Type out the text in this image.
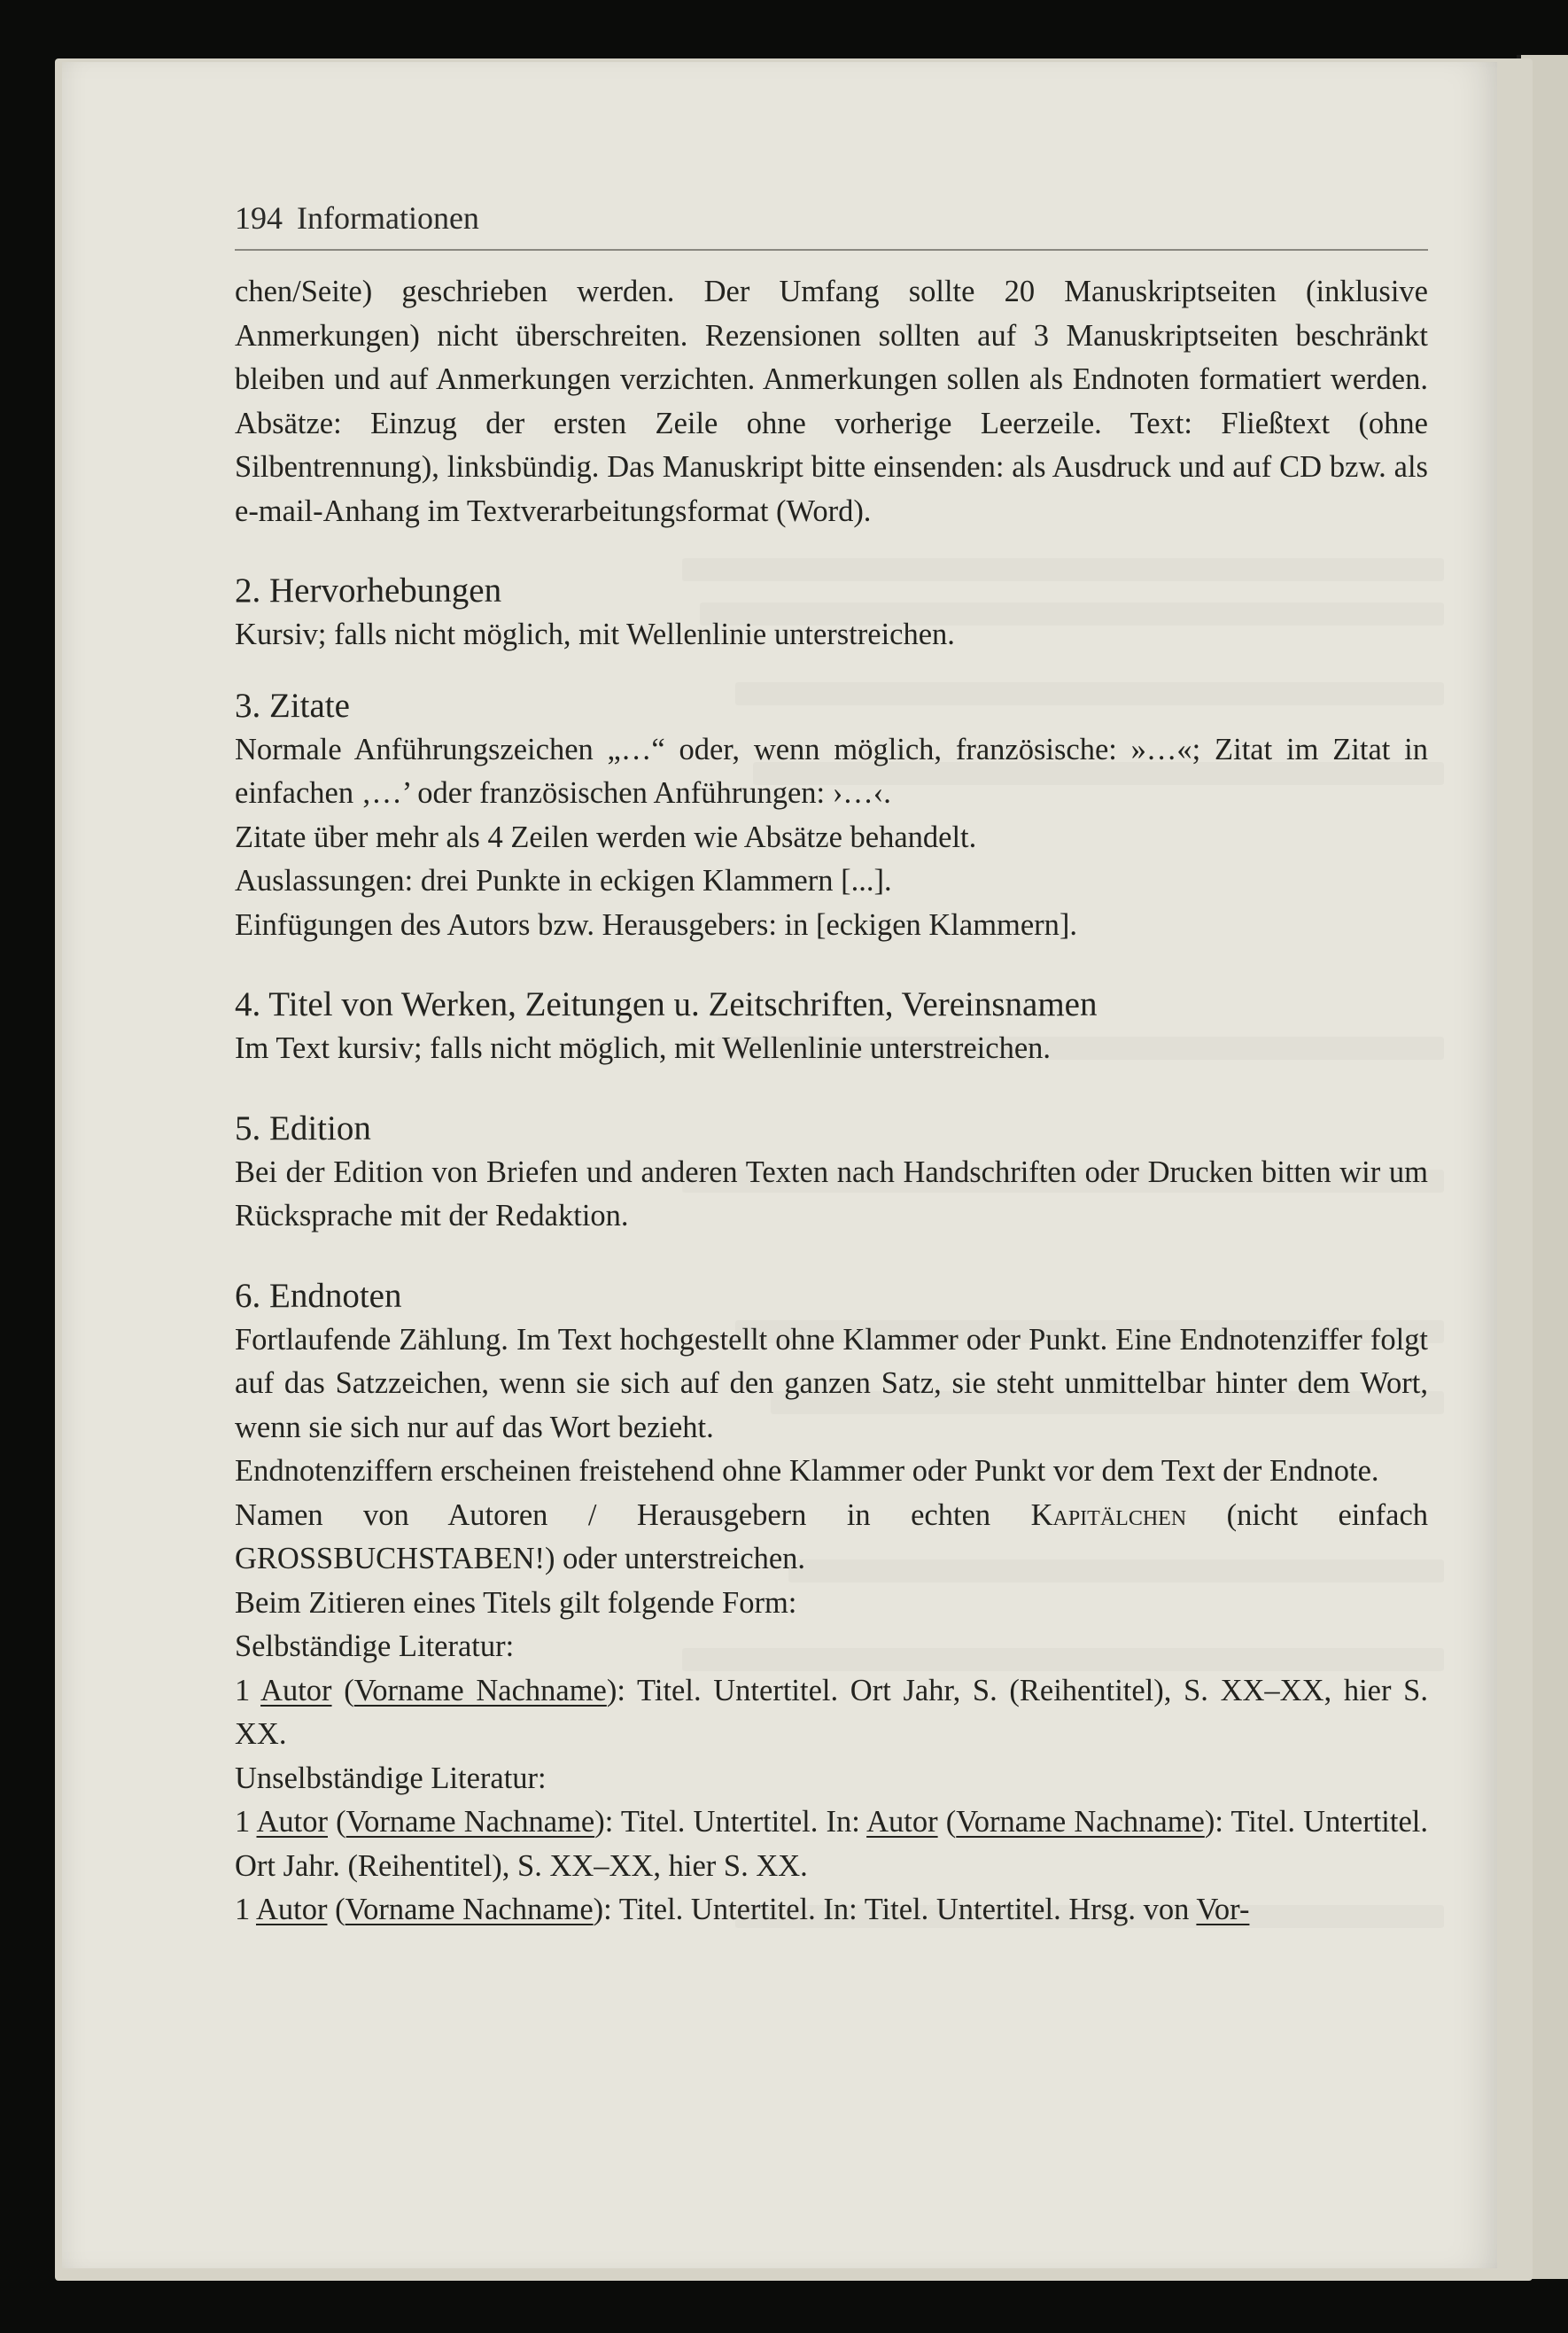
194 Informationen

chen/Seite) geschrieben werden. Der Umfang sollte 20 Manuskriptseiten (inklusive Anmerkungen) nicht überschreiten. Rezensionen sollten auf 3 Manuskriptseiten beschränkt bleiben und auf Anmerkungen verzichten. Anmerkungen sollen als Endnoten formatiert werden. Absätze: Einzug der ersten Zeile ohne vorherige Leerzeile. Text: Fließtext (ohne Silbentrennung), linksbündig. Das Manuskript bitte einsenden: als Ausdruck und auf CD bzw. als e-mail-Anhang im Textverarbeitungsformat (Word).

2. Hervorhebungen

Kursiv; falls nicht möglich, mit Wellenlinie unterstreichen.

3. Zitate

Normale Anführungszeichen „…“ oder, wenn möglich, französische: »…«; Zitat im Zitat in einfachen ‚…’ oder französischen Anführungen: ›…‹.

Zitate über mehr als 4 Zeilen werden wie Absätze behandelt.

Auslassungen: drei Punkte in eckigen Klammern [...].

Einfügungen des Autors bzw. Herausgebers: in [eckigen Klammern].

4. Titel von Werken, Zeitungen u. Zeitschriften, Vereinsnamen

Im Text kursiv; falls nicht möglich, mit Wellenlinie unterstreichen.

5. Edition

Bei der Edition von Briefen und anderen Texten nach Handschriften oder Drucken bitten wir um Rücksprache mit der Redaktion.

6. Endnoten

Fortlaufende Zählung. Im Text hochgestellt ohne Klammer oder Punkt. Eine Endnotenziffer folgt auf das Satzzeichen, wenn sie sich auf den ganzen Satz, sie steht unmittelbar hinter dem Wort, wenn sie sich nur auf das Wort bezieht.

Endnotenziffern erscheinen freistehend ohne Klammer oder Punkt vor dem Text der Endnote.

Namen von Autoren / Herausgebern in echten Kapitälchen (nicht einfach GROSSBUCHSTABEN!) oder unterstreichen.

Beim Zitieren eines Titels gilt folgende Form:

Selbständige Literatur:

1 Autor (Vorname Nachname): Titel. Untertitel. Ort Jahr, S. (Reihentitel), S. XX–XX, hier S. XX.

Unselbständige Literatur:

1 Autor (Vorname Nachname): Titel. Untertitel. In: Autor (Vorname Nachname): Titel. Untertitel. Ort Jahr. (Reihentitel), S. XX–XX, hier S. XX.

1 Autor (Vorname Nachname): Titel. Untertitel. In: Titel. Untertitel. Hrsg. von Vor-
